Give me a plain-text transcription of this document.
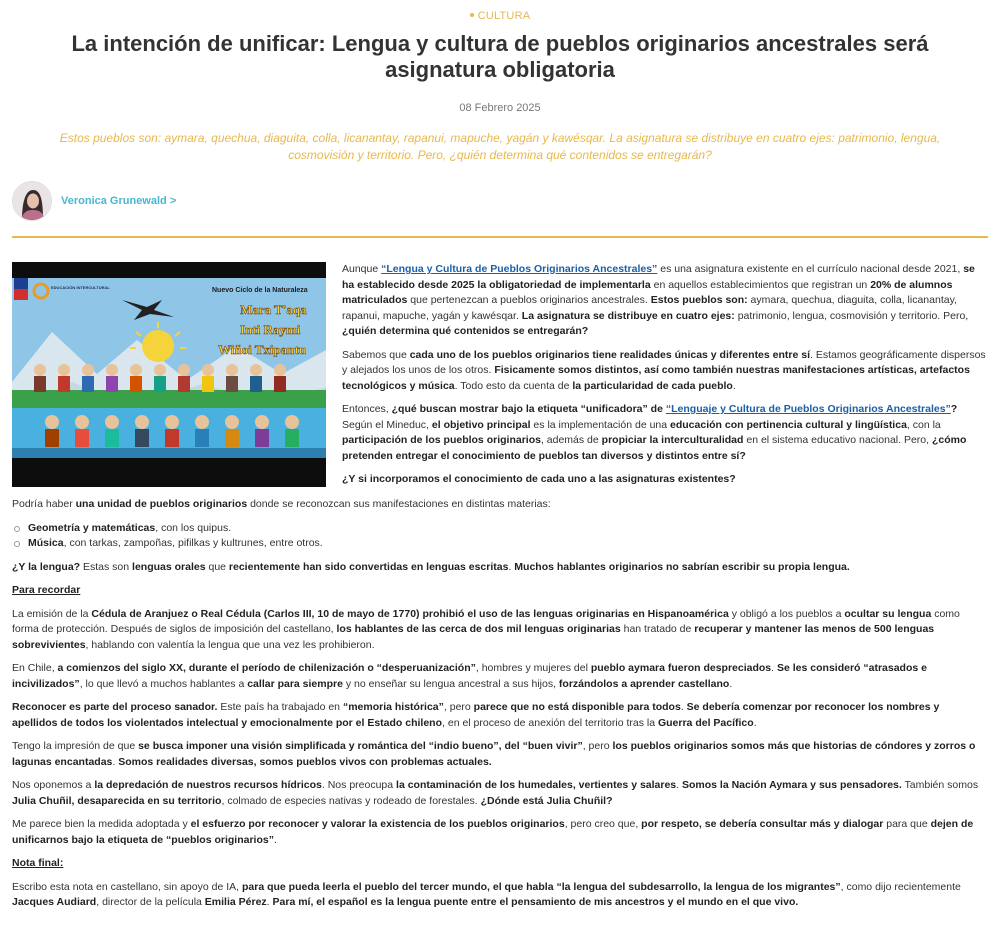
CULTURA
La intención de unificar: Lengua y cultura de pueblos originarios ancestrales será asignatura obligatoria
08 Febrero 2025

Estos pueblos son: aymara, quechua, diaguita, colla, licanantay, rapanui, mapuche, yagán y kawésqar. La asignatura se distribuye en cuatro ejes: patrimonio, lengua, cosmovisión y territorio. Pero, ¿quién determina qué contenidos se entregarán?

Veronica Grunewald >
EDUCACIÓN INTERCULTURAL	Nuevo Ciclo de la Naturaleza
Mara T'aqa
Inti Raymi
Wiñoi Txipantu

Aunque “Lengua y Cultura de Pueblos Originarios Ancestrales” es una asignatura existente en el currículo nacional desde 2021, se ha establecido desde 2025 la obligatoriedad de implementarla en aquellos establecimientos que registran un 20% de alumnos matriculados que pertenezcan a pueblos originarios ancestrales. Estos pueblos son: aymara, quechua, diaguita, colla, licanantay, rapanui, mapuche, yagán y kawésqar. La asignatura se distribuye en cuatro ejes: patrimonio, lengua, cosmovisión y territorio. Pero, ¿quién determina qué contenidos se entregarán?

Sabemos que cada uno de los pueblos originarios tiene realidades únicas y diferentes entre sí. Estamos geográficamente dispersos y alejados los unos de los otros. Fisicamente somos distintos, así como también nuestras manifestaciones artísticas, artefactos tecnológicos y música. Todo esto da cuenta de la particularidad de cada pueblo.

Entonces, ¿qué buscan mostrar bajo la etiqueta “unificadora” de “Lenguaje y Cultura de Pueblos Originarios Ancestrales”? Según el Mineduc, el objetivo principal es la implementación de una educación con pertinencia cultural y lingüística, con la participación de los pueblos originarios, además de propiciar la interculturalidad en el sistema educativo nacional. Pero, ¿cómo pretenden entregar el conocimiento de pueblos tan diversos y distintos entre sí?

¿Y si incorporamos el conocimiento de cada uno a las asignaturas existentes?

Podría haber una unidad de pueblos originarios donde se reconozcan sus manifestaciones en distintas materias:

Geometría y matemáticas, con los quipus.
Música, con tarkas, zampoñas, pifilkas y kultrunes, entre otros.

¿Y la lengua? Estas son lenguas orales que recientemente han sido convertidas en lenguas escritas. Muchos hablantes originarios no sabrían escribir su propia lengua.

Para recordar

La emisión de la Cédula de Aranjuez o Real Cédula (Carlos III, 10 de mayo de 1770) prohibió el uso de las lenguas originarias en Hispanoamérica y obligó a los pueblos a ocultar su lengua como forma de protección. Después de siglos de imposición del castellano, los hablantes de las cerca de dos mil lenguas originarias han tratado de recuperar y mantener las menos de 500 lenguas sobrevivientes, hablando con valentía la lengua que una vez les prohibieron.

En Chile, a comienzos del siglo XX, durante el período de chilenización o “desperuanización”, hombres y mujeres del pueblo aymara fueron despreciados. Se les consideró “atrasados e incivilizados”, lo que llevó a muchos hablantes a callar para siempre y no enseñar su lengua ancestral a sus hijos, forzándolos a aprender castellano.

Reconocer es parte del proceso sanador. Este país ha trabajado en “memoria histórica”, pero parece que no está disponible para todos. Se debería comenzar por reconocer los nombres y apellidos de todos los violentados intelectual y emocionalmente por el Estado chileno, en el proceso de anexión del territorio tras la Guerra del Pacífico.

Tengo la impresión de que se busca imponer una visión simplificada y romántica del “indio bueno”, del “buen vivir”, pero los pueblos originarios somos más que historias de cóndores y zorros o lagunas encantadas. Somos realidades diversas, somos pueblos vivos con problemas actuales.

Nos oponemos a la depredación de nuestros recursos hídricos. Nos preocupa la contaminación de los humedales, vertientes y salares. Somos la Nación Aymara y sus pensadores. También somos Julia Chuñil, desaparecida en su territorio, colmado de especies nativas y rodeado de forestales. ¿Dónde está Julia Chuñil?

Me parece bien la medida adoptada y el esfuerzo por reconocer y valorar la existencia de los pueblos originarios, pero creo que, por respeto, se debería consultar más y dialogar para que dejen de unificarnos bajo la etiqueta de “pueblos originarios”.

Nota final:

Escribo esta nota en castellano, sin apoyo de IA, para que pueda leerla el pueblo del tercer mundo, el que habla “la lengua del subdesarrollo, la lengua de los migrantes”, como dijo recientemente Jacques Audiard, director de la película Emilia Pérez. Para mí, el español es la lengua puente entre el pensamiento de mis ancestros y el mundo en el que vivo.
